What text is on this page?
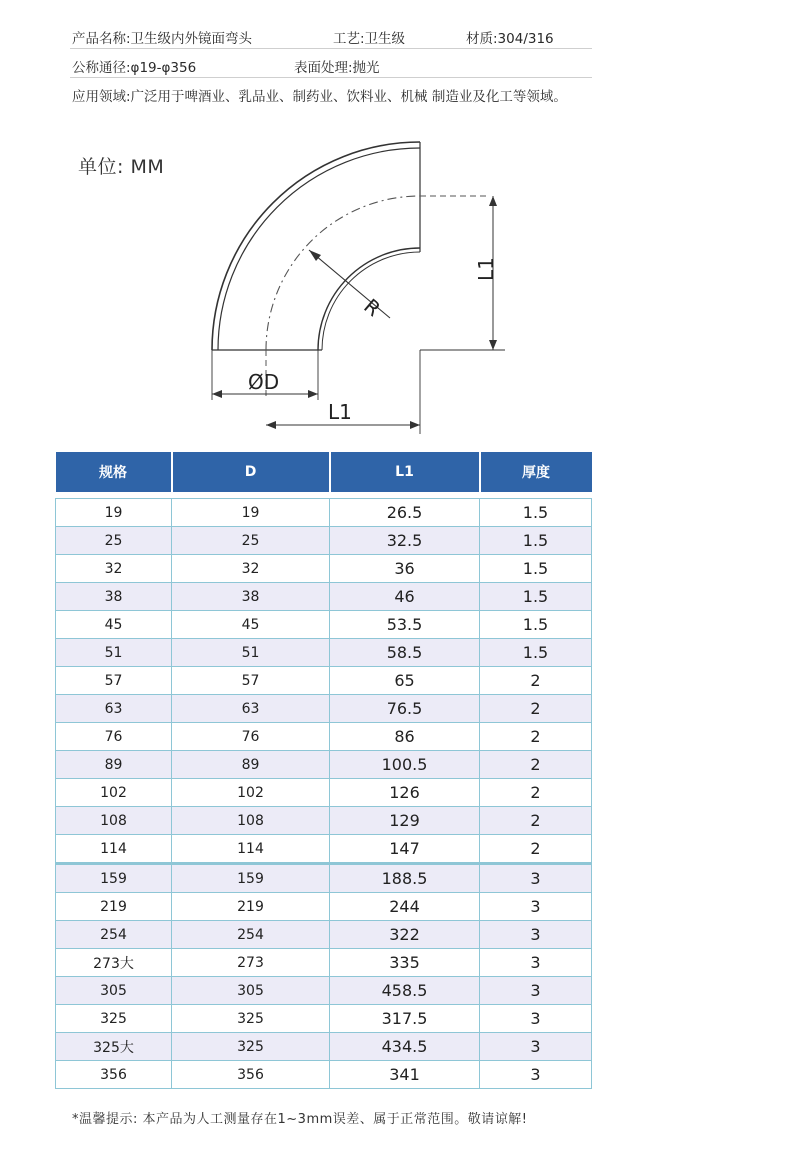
产品名称:卫生级内外镜面弯头	工艺:卫生级	材质:304/316
公称通径:φ19-φ356	表面处理:抛光
应用领域:广泛用于啤酒业、乳品业、制药业、饮料业、机械 制造业及化工等领域。
单位: MM
R
L1
ØD
L1
规格	D	L1	厚度

19	19	26.5	1.5
25	25	32.5	1.5
32	32	36	1.5
38	38	46	1.5
45	45	53.5	1.5
51	51	58.5	1.5
57	57	65	2
63	63	76.5	2
76	76	86	2
89	89	100.5	2
102	102	126	2
108	108	129	2
114	114	147	2
159	159	188.5	3
219	219	244	3
254	254	322	3
273大	273	335	3
305	305	458.5	3
325	325	317.5	3
325大	325	434.5	3
356	356	341	3
*温馨提示: 本产品为人工测量存在1~3mm误差、属于正常范围。敬请谅解!
